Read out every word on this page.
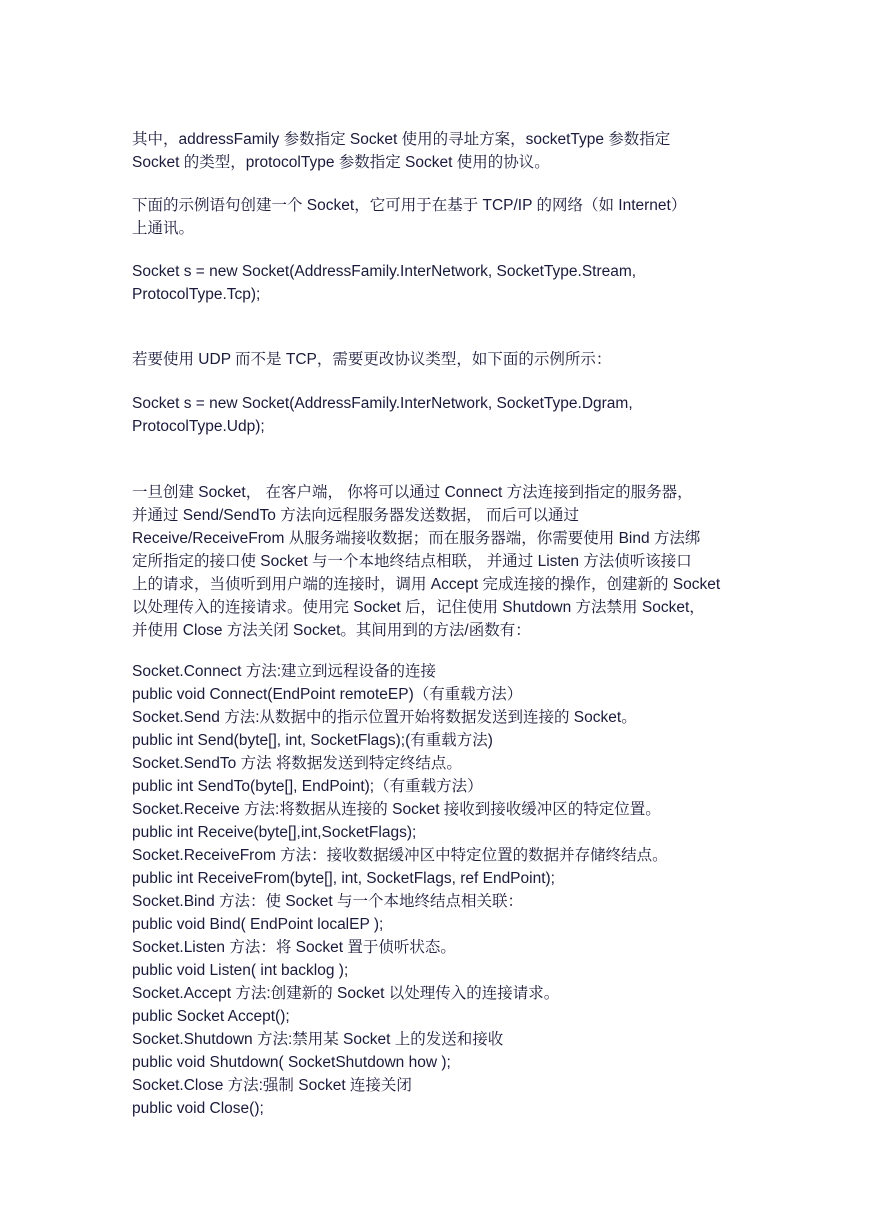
其中，addressFamily 参数指定 Socket 使用的寻址方案，socketType 参数指定
Socket 的类型，protocolType 参数指定 Socket 使用的协议。
下面的示例语句创建一个 Socket，它可用于在基于 TCP/IP 的网络（如 Internet）
上通讯。
Socket s = new Socket(AddressFamily.InterNetwork, SocketType.Stream,
ProtocolType.Tcp);
若要使用 UDP 而不是 TCP，需要更改协议类型，如下面的示例所示：
Socket s = new Socket(AddressFamily.InterNetwork, SocketType.Dgram,
ProtocolType.Udp);
一旦创建 Socket， 在客户端， 你将可以通过 Connect 方法连接到指定的服务器，
并通过 Send/SendTo 方法向远程服务器发送数据， 而后可以通过
Receive/ReceiveFrom 从服务端接收数据；而在服务器端，你需要使用 Bind 方法绑
定所指定的接口使 Socket 与一个本地终结点相联， 并通过 Listen 方法侦听该接口
上的请求，当侦听到用户端的连接时，调用 Accept 完成连接的操作，创建新的 Socket
以处理传入的连接请求。使用完 Socket 后，记住使用 Shutdown 方法禁用 Socket，
并使用 Close 方法关闭 Socket。其间用到的方法/函数有：
Socket.Connect 方法:建立到远程设备的连接
public void Connect(EndPoint remoteEP)（有重载方法）
Socket.Send 方法:从数据中的指示位置开始将数据发送到连接的 Socket。
public int Send(byte[], int, SocketFlags);(有重载方法)
Socket.SendTo 方法 将数据发送到特定终结点。
public int SendTo(byte[], EndPoint);（有重载方法）
Socket.Receive 方法:将数据从连接的 Socket 接收到接收缓冲区的特定位置。
public int Receive(byte[],int,SocketFlags);
Socket.ReceiveFrom 方法：接收数据缓冲区中特定位置的数据并存储终结点。
public int ReceiveFrom(byte[], int, SocketFlags, ref EndPoint);
Socket.Bind 方法：使 Socket 与一个本地终结点相关联：
public void Bind( EndPoint localEP );
Socket.Listen 方法：将 Socket 置于侦听状态。
public void Listen( int backlog );
Socket.Accept 方法:创建新的 Socket 以处理传入的连接请求。
public Socket Accept();
Socket.Shutdown 方法:禁用某 Socket 上的发送和接收
public void Shutdown( SocketShutdown how );
Socket.Close 方法:强制 Socket 连接关闭
public void Close();
